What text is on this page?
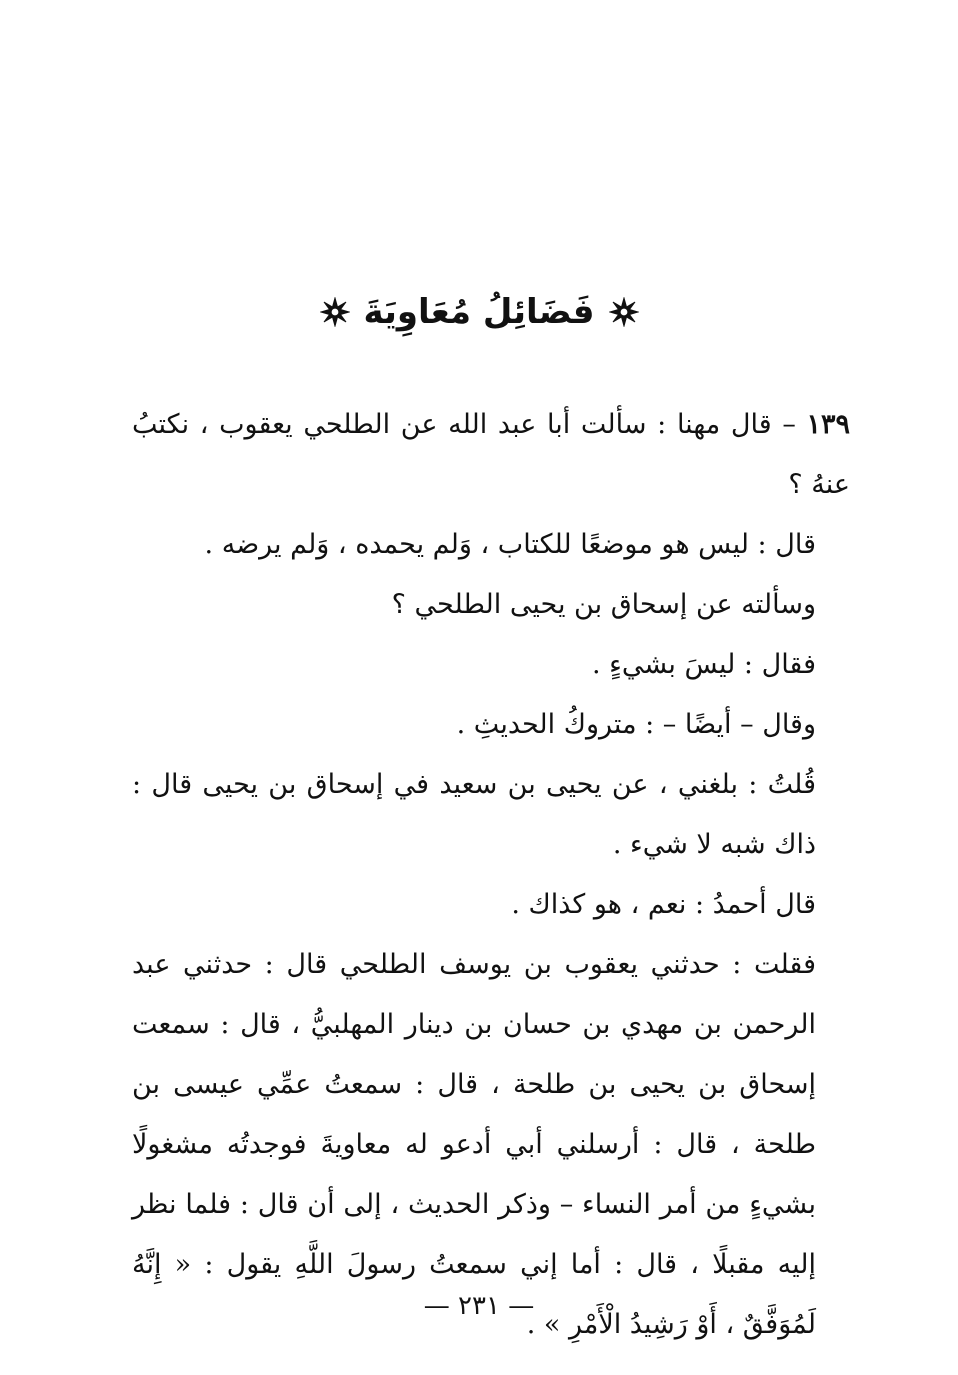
فَضَائِلُ مُعَاوِيَةَ

١٣٩ – قال مهنا : سألت أبا عبد الله عن الطلحي يعقوب ، نكتبُ عنهُ ؟

قال : ليس هو موضعًا للكتاب ، وَلم يحمده ، وَلم يرضه .

وسألته عن إسحاق بن يحيى الطلحي ؟

فقال : ليسَ بشيءٍ .

وقال – أيضًا – : متروكُ الحديثِ .

قُلتُ : بلغني ، عن يحيى بن سعيد في إسحاق بن يحيى قال : ذاك شبه لا شيء .

قال أحمدُ : نعم ، هو كذاك .

فقلت : حدثني يعقوب بن يوسف الطلحي قال : حدثني عبد الرحمن بن مهدي بن حسان بن دينار المهلبيُّ ، قال : سمعت إسحاق بن يحيى بن طلحة ، قال : سمعتُ عمِّي عيسى بن طلحة ، قال : أرسلني أبي أدعو له معاويةَ فوجدتُه مشغولًا بشيءٍ من أمر النساء – وذكر الحديث ، إلى أن قال : فلما نظر إليه مقبلًا ، قال : أما إني سمعتُ رسولَ اللَّهِ يقول : « إِنَّهُ لَمُوَفَّقٌ ، أَوْ رَشِيدُ الْأَمْرِ » .

— ٢٣١ —
